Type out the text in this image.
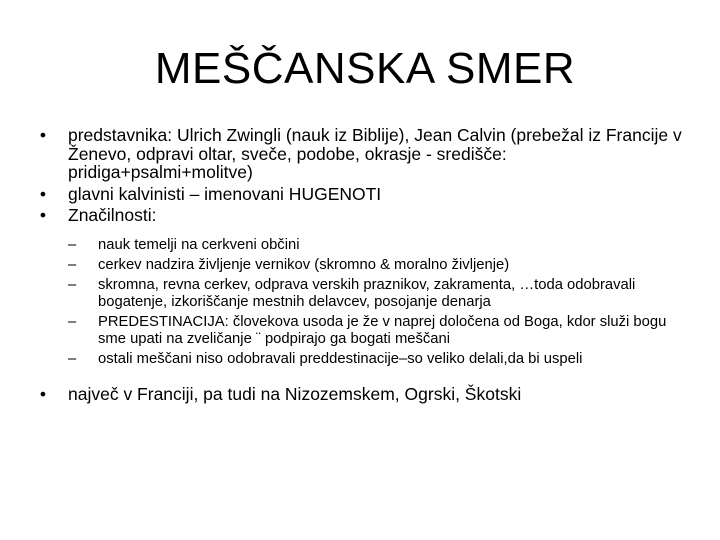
MEŠČANSKA SMER
• predstavnika: Ulrich Zwingli (nauk iz Biblije), Jean Calvin (prebežal iz Francije v Ženevo, odpravi oltar, sveče, podobe, okrasje - središče: pridiga+psalmi+molitve)
• glavni kalvinisti – imenovani HUGENOTI
• Značilnosti:
– nauk temelji na cerkveni občini
– cerkev nadzira življenje vernikov (skromno & moralno življenje)
– skromna, revna cerkev, odprava verskih praznikov, zakramenta, …toda odobravali bogatenje, izkoriščanje mestnih delavcev, posojanje denarja
– PREDESTINACIJA: človekova usoda je že v naprej določena od Boga, kdor služi bogu sme upati na zveličanje ¨ podpirajo ga bogati meščani
– ostali meščani niso odobravali preddestinacije–so veliko delali,da bi uspeli
• največ v Franciji, pa tudi na Nizozemskem, Ogrski, Škotski
